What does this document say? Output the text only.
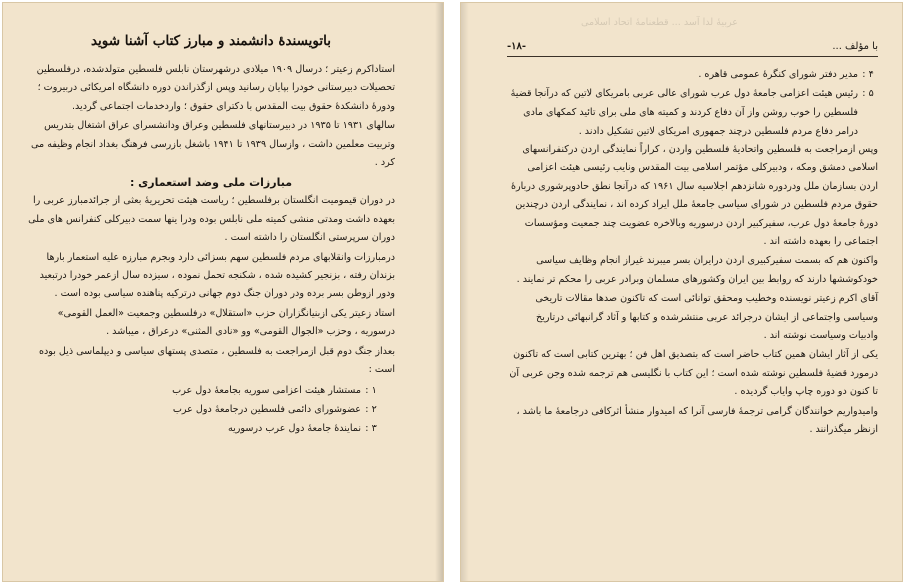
باتویسندهٔ دانشمند و مبارز کتاب آشنا شوید

استاداکرم زعیتر ؛ درسال ۱۹۰۹ میلادی درشهرستان نابلس فلسطین متولدشده، درفلسطین تحصیلات دبیرستانی خودرا بپایان رسانید وپس ازگذراندن دوره دانشگاه امریکائی دربیروت ؛ ودورهٔ دانشکدهٔ حقوق بیت المقدس با دکترای حقوق ؛ واردخدمات اجتماعی گردید.

سالهای ۱۹۳۱ تا ۱۹۳۵ در دبیرستانهای فلسطین وعراق ودانشسرای عراق اشتغال بتدریس وتربیت معلمین داشت ، وازسال ۱۹۳۹ تا ۱۹۴۱ باشغل بازرسی فرهنگ بغداد انجام وظیفه می کرد .

مبارزات ملی وضد استعماری :

در دوران قیمومیت انگلستان برفلسطین ؛ ریاست هیئت تحریریهٔ بعثی از جرائدمبارز عربی را بعهده داشت ومدتی منشی کمیته ملی نابلس بوده ودرا ینها سمت دبیرکلی کنفرانس های ملی دوران سرپرستی انگلستان را داشته است .

درمبارزات وانقلابهای مردم فلسطین سهم بسزائی دارد وبجرم مبارزه علیه استعمار بارها بزندان رفته ، بزنجیر کشیده شده ، شکنجه تحمل نموده ، سیزده سال ازعمر خودرا درتبعید ودور ازوطن بسر برده ودر دوران جنگ دوم جهانی درترکیه پناهنده سیاسی بوده است .

استاد زعیتر یکی ازبنیانگزاران حزب «استقلال» درفلسطین وجمعیت «العمل القومی» درسوریه ، وحزب «الجوال القومی» وو «نادی المثنی» درعراق ، میباشد .

بعداز جنگ دوم قبل ازمراجعت به فلسطین ، متصدی پستهای سیاسی و دیپلماسی ذیل بوده است :

۱ :
مستشار هیئت اعزامی سوریه بجامعهٔ دول عرب
۲ :
عضوشورای دائمی فلسطین درجامعهٔ دول عرب
۳ :
نمایندهٔ جامعهٔ دول عرب درسوریه
عربیهٔ لدا آسد ... قطعنامهٔ اتحاد اسلامی
با مؤلف ...
-۱۸-
۴ :
مدیر دفتر شورای کنگرهٔ عمومی قاهره .
۵ :
رئیس هیئت اعزامی جامعهٔ دول عرب شورای عالی عربی بامریکای لاتین که درآنجا قضیهٔ فلسطین را خوب روشن واز آن دفاع کردند و کمیته های ملی برای تائید کمکهای مادی درامر دفاع مردم فلسطین درچند جمهوری امریکای لاتین تشکیل دادند .

وپس ازمراجعت به فلسطین واتحادیهٔ فلسطین واردن ، کراراً نمایندگی اردن درکنفرانسهای اسلامی دمشق ومکه ، ودبیرکلی مؤتمر اسلامی بیت المقدس ونایب رئیسی هیئت اعزامی اردن بسازمان ملل ودردوره شانزدهم اجلاسیه سال ۱۹۶۱ که درآنجا نطق حادوپرشوری دربارهٔ حقوق مردم فلسطین در شورای سیاسی جامعهٔ ملل ایراد کرده اند ، نمایندگی اردن درچندین دورهٔ جامعهٔ دول عرب، سفیرکبیر اردن درسوریه وبالاخره عضویت چند جمعیت ومؤسسات اجتماعی را بعهده داشته اند .

واکنون هم که بسمت سفیرکبیری اردن درایران بسر میبرند غیراز انجام وظایف سیاسی خودکوششها دارند که روابط بین ایران وکشورهای مسلمان وبرادر عربی را محکم تر نمایند .

آقای اکرم زعیتر نویسنده وخطیب ومحقق توانائی است که تاکنون صدها مقالات تاریخی وسیاسی واجتماعی از ایشان درجرائد عربی منتشرشده و کتابها و آثاد گرانبهائی درتاریخ وادبیات وسیاست نوشته اند .

یکی از آثار ایشان همین کتاب حاضر است که بتصدیق اهل فن ؛ بهترین کتابی است که تاکنون درمورد قضیهٔ فلسطین نوشته شده است ؛ این کتاب با نگلیسی هم ترجمه شده وجن عربی آن تا کنون دو دوره چاپ وایاب گردیده .

وامیدواریم خوانندگان گرامی ترجمهٔ فارسی آنرا که امیدوار منشأ اثرکافی درجامعهٔ ما باشد ، ازنظر میگذرانند .
